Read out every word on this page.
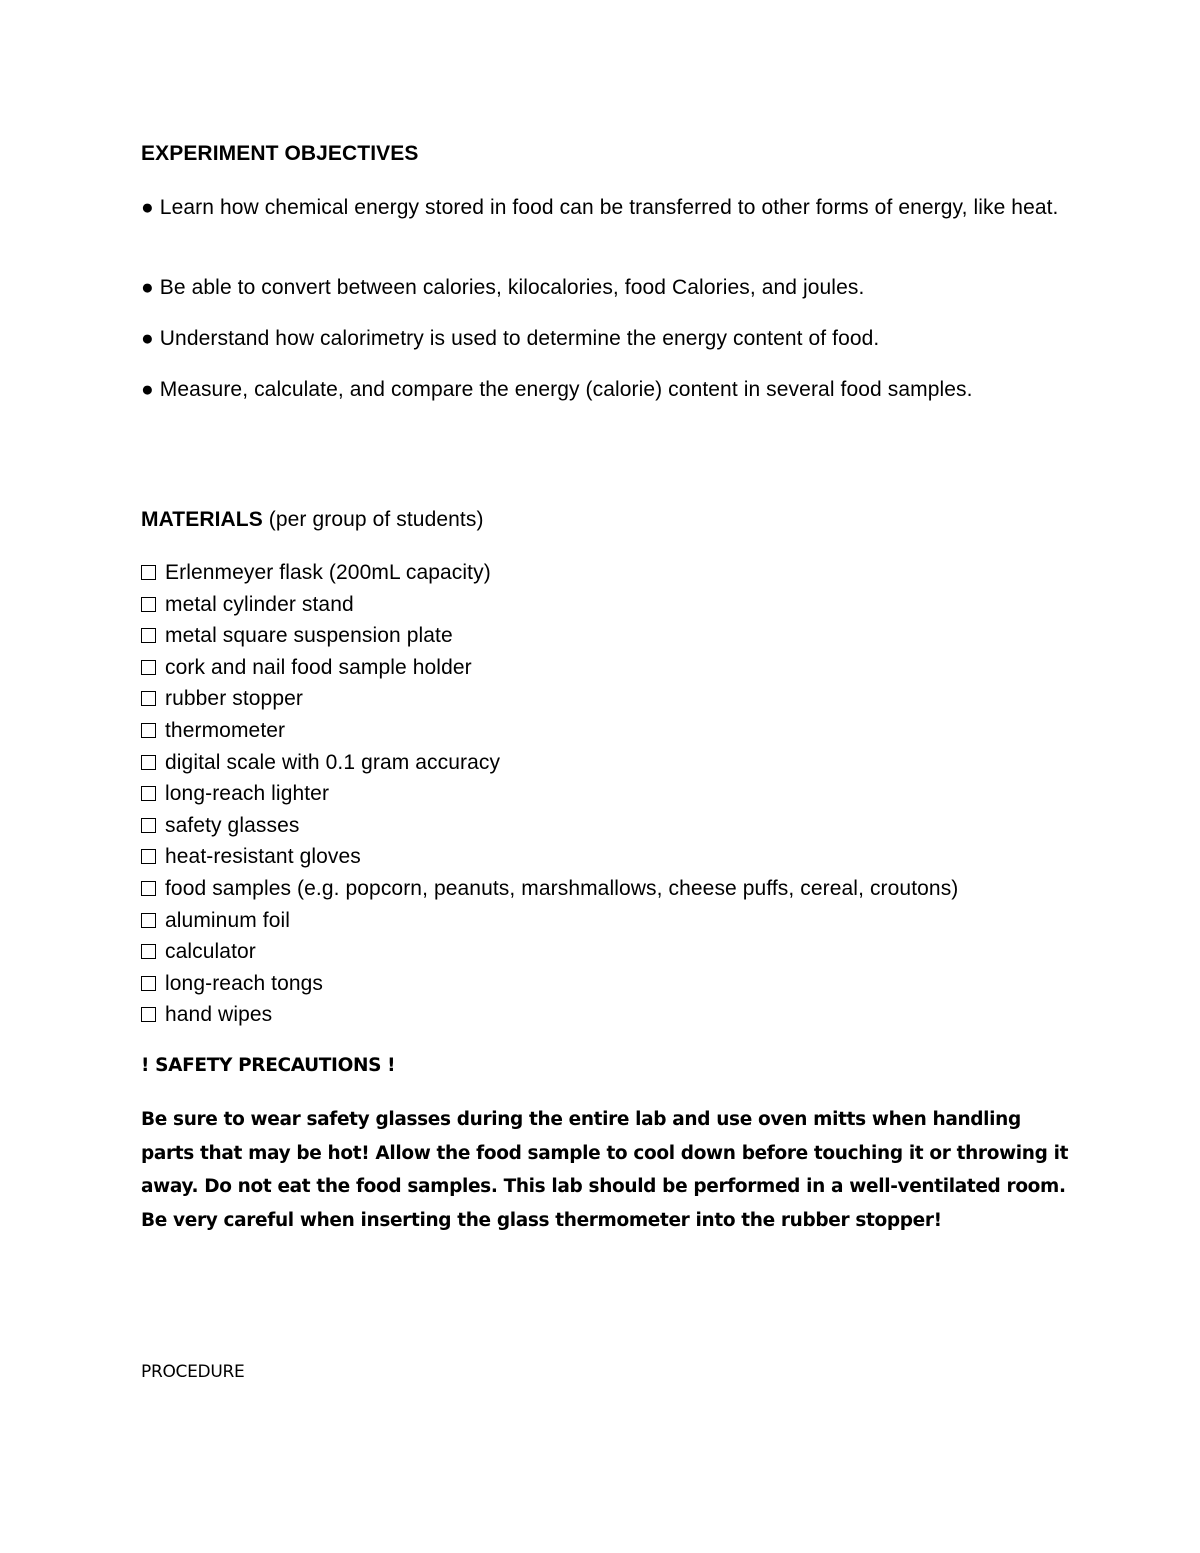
EXPERIMENT OBJECTIVES
● Learn how chemical energy stored in food can be transferred to other forms of energy, like heat.
● Be able to convert between calories, kilocalories, food Calories, and joules.
● Understand how calorimetry is used to determine the energy content of food.
● Measure, calculate, and compare the energy (calorie) content in several food samples.
MATERIALS (per group of students)
Erlenmeyer flask (200mL capacity)
metal cylinder stand
metal square suspension plate
cork and nail food sample holder
rubber stopper
thermometer
digital scale with 0.1 gram accuracy
long-reach lighter
safety glasses
heat-resistant gloves
food samples (e.g. popcorn, peanuts, marshmallows, cheese puffs, cereal, croutons)
aluminum foil
calculator
long-reach tongs
hand wipes
! SAFETY PRECAUTIONS !
Be sure to wear safety glasses during the entire lab and use oven mitts when handling parts that may be hot! Allow the food sample to cool down before touching it or throwing it away. Do not eat the food samples. This lab should be performed in a well-ventilated room. Be very careful when inserting the glass thermometer into the rubber stopper!
PROCEDURE
